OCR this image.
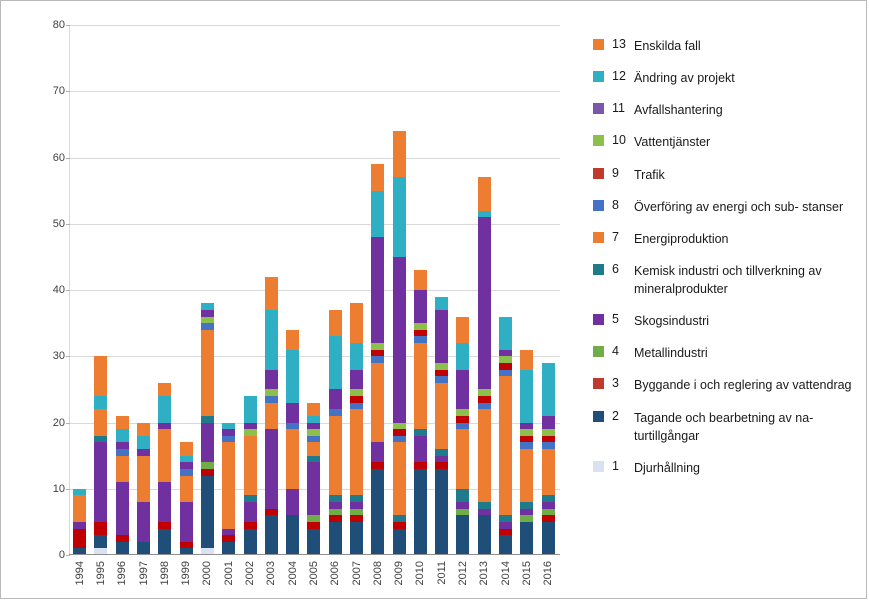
0
10
20
30
40
50
60
70
80
1994 1995 1996 1997 1998 1999 2000 2001 2002 2003 2004 2005 2006 2007 2008 2009 2010 2011 2012 2013 2014 2015 2016
13 Enskilda fall
12 Ändring av projekt
11 Avfallshantering
10 Vattentjänster
9	Trafik
8	Överföring av energi och sub- stanser
7	Energiproduktion
6	Kemisk industri och tillverkning av mineralprodukter
5	Skogsindustri
4	Metallindustri
3	Byggande i och reglering av vattendrag
2	Tagande och bearbetning av na- turtillgångar
1	Djurhållning
